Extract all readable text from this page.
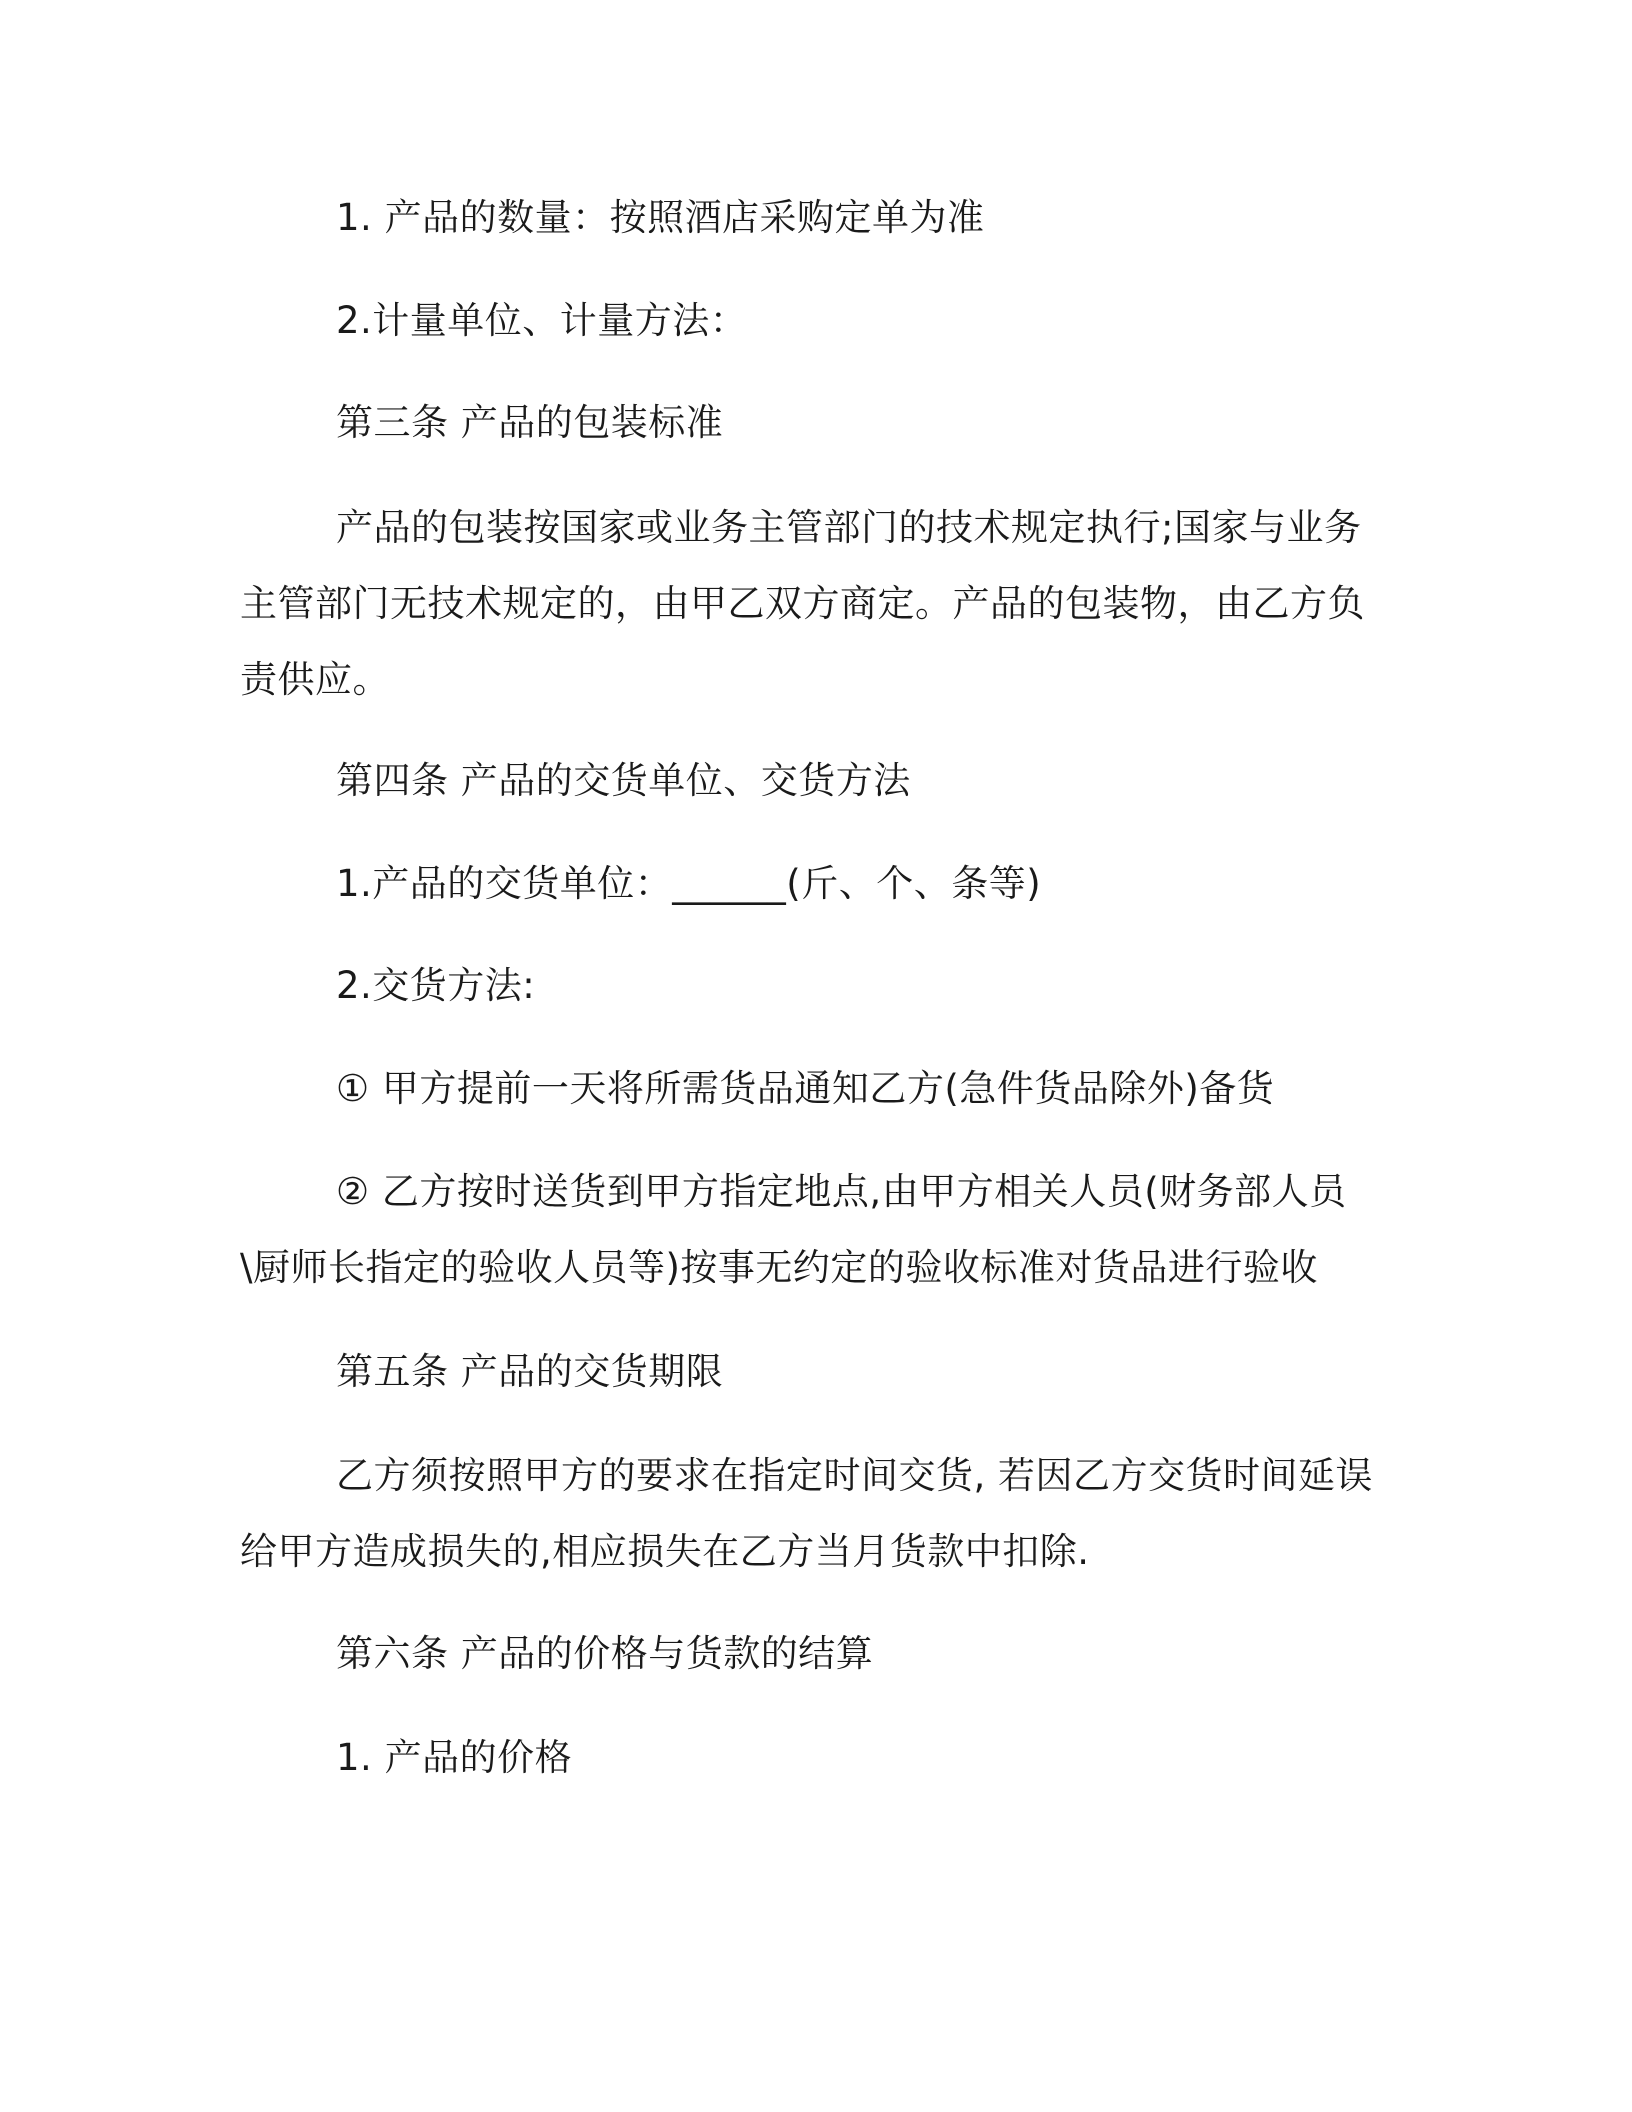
1. 产品的数量：按照酒店采购定单为准

2.计量单位、计量方法：

第三条 产品的包装标准

产品的包装按国家或业务主管部门的技术规定执行;国家与业务主管部门无技术规定的，由甲乙双方商定。产品的包装物，由乙方负责供应。

第四条 产品的交货单位、交货方法

1.产品的交货单位：______(斤、个、条等)

2.交货方法:

① 甲方提前一天将所需货品通知乙方(急件货品除外)备货

② 乙方按时送货到甲方指定地点,由甲方相关人员(财务部人员\厨师长指定的验收人员等)按事无约定的验收标准对货品进行验收

第五条 产品的交货期限

乙方须按照甲方的要求在指定时间交货, 若因乙方交货时间延误给甲方造成损失的,相应损失在乙方当月货款中扣除.

第六条 产品的价格与货款的结算

1. 产品的价格
